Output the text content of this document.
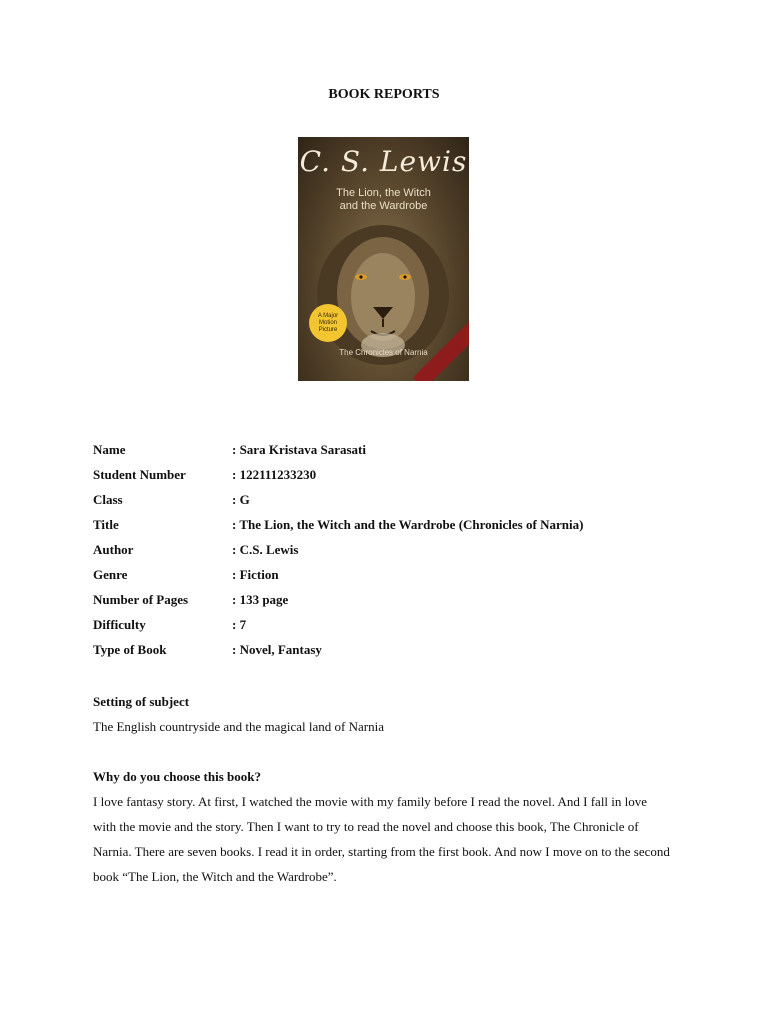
BOOK REPORTS
C. S. Lewis
The Lion, the Witch
and the Wardrobe
A Major
Motion
Picture
The Chronicles of Narnia
Name	: Sara Kristava Sarasati
Student Number	: 122111233230
Class	: G
Title	: The Lion, the Witch and the Wardrobe (Chronicles of Narnia)
Author	: C.S. Lewis
Genre	: Fiction
Number of Pages	: 133 page
Difficulty	: 7
Type of Book	: Novel, Fantasy

Setting of subject

The English countryside and the magical land of Narnia

Why do you choose this book?

I love fantasy story. At first, I watched the movie with my family before I read the novel. And I fall in love with the movie and the story. Then I want to try to read the novel and choose this book, The Chronicle of Narnia. There are seven books. I read it in order, starting from the first book. And now I move on to the second book “The Lion, the Witch and the Wardrobe”.
